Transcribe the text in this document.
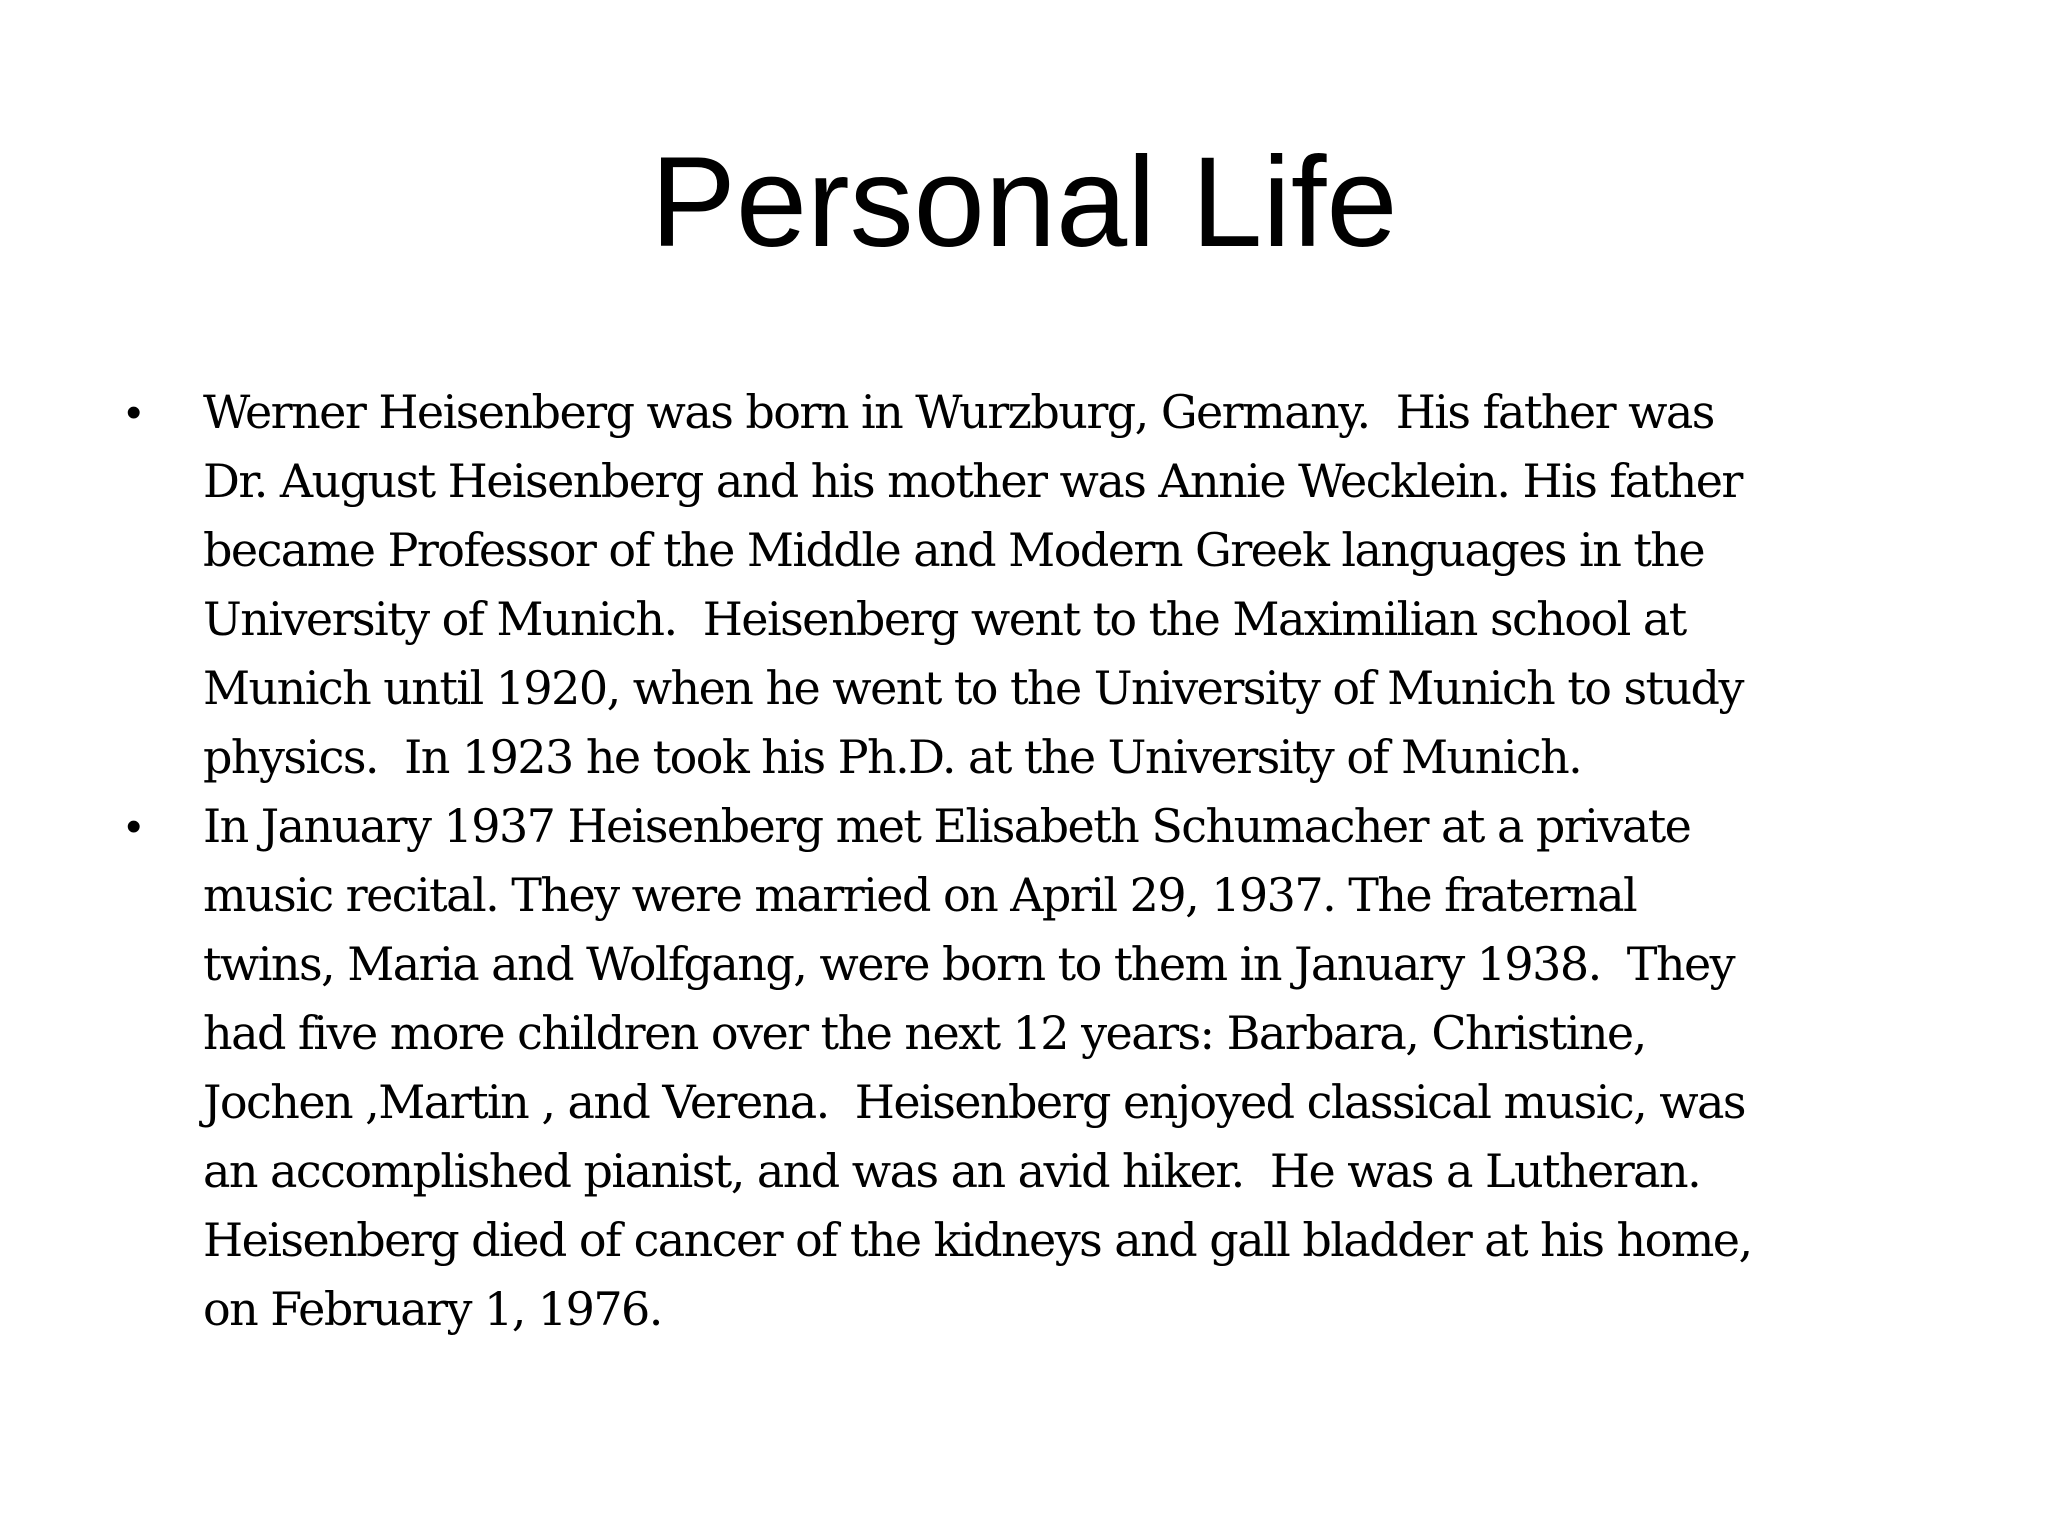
Personal Life
• Werner Heisenberg was born in Wurzburg, Germany.  His father was
Dr. August Heisenberg and his mother was Annie Wecklein. His father
became Professor of the Middle and Modern Greek languages in the
University of Munich.  Heisenberg went to the Maximilian school at
Munich until 1920, when he went to the University of Munich to study
physics.  In 1923 he took his Ph.D. at the University of Munich.
• In January 1937 Heisenberg met Elisabeth Schumacher at a private
music recital. They were married on April 29, 1937. The fraternal
twins, Maria and Wolfgang, were born to them in January 1938.  They
had five more children over the next 12 years: Barbara, Christine,
Jochen ,Martin , and Verena.  Heisenberg enjoyed classical music, was
an accomplished pianist, and was an avid hiker.  He was a Lutheran.
Heisenberg died of cancer of the kidneys and gall bladder at his home,
on February 1, 1976.
